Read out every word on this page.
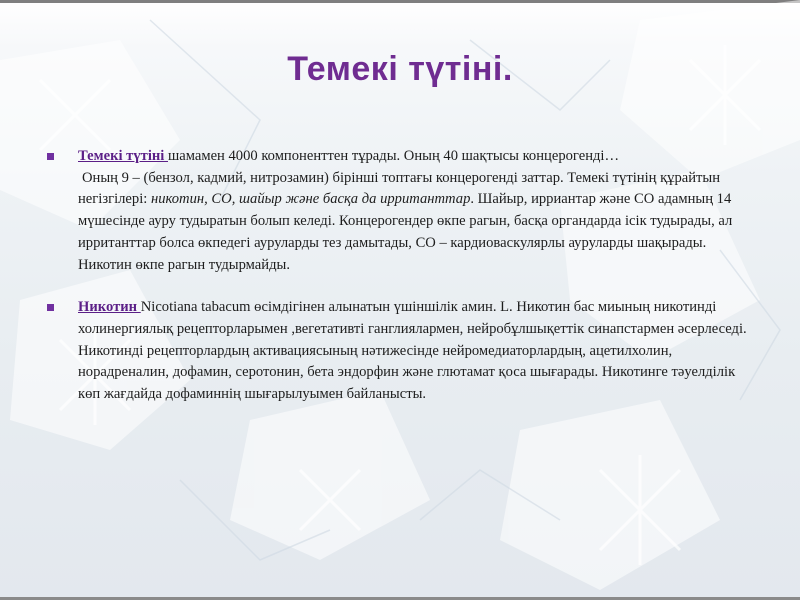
Темекі түтіні.

Темекі түтіні шамамен 4000 компоненттен тұрады. Оның 40 шақтысы концерогенді…

Оның 9 – (бензол, кадмий, нитрозамин) бірінші топтағы концерогенді заттар. Темекі түтінің құрайтын негізгілері: никотин, СО, шайыр және басқа да ирританттар. Шайыр, ирриантар және СО адамның 14 мүшесінде ауру тудыратын болып келеді. Концерогендер өкпе рагын, басқа органдарда ісік тудырады, ал ирританттар болса өкпедегі ауруларды тез дамытады, СО – кардиоваскулярлы ауруларды шақырады. Никотин өкпе рагын тудырмайды.

Никотин Nicotiana tabacum өсімдігінен алынатын үшіншілік амин. L. Никотин бас миының никотинді холинергиялық рецепторларымен ,вегетативті ганглиялармен, нейробұлшықеттік синапстармен әсерлеседі. Никотинді рецепторлардың активациясының нәтижесінде нейромедиаторлардың, ацетилхолин, норадреналин, дофамин, серотонин, бета эндорфин және глютамат қоса шығарады. Никотинге тәуелділік көп жағдайда дофаминнің шығарылуымен байланысты.
